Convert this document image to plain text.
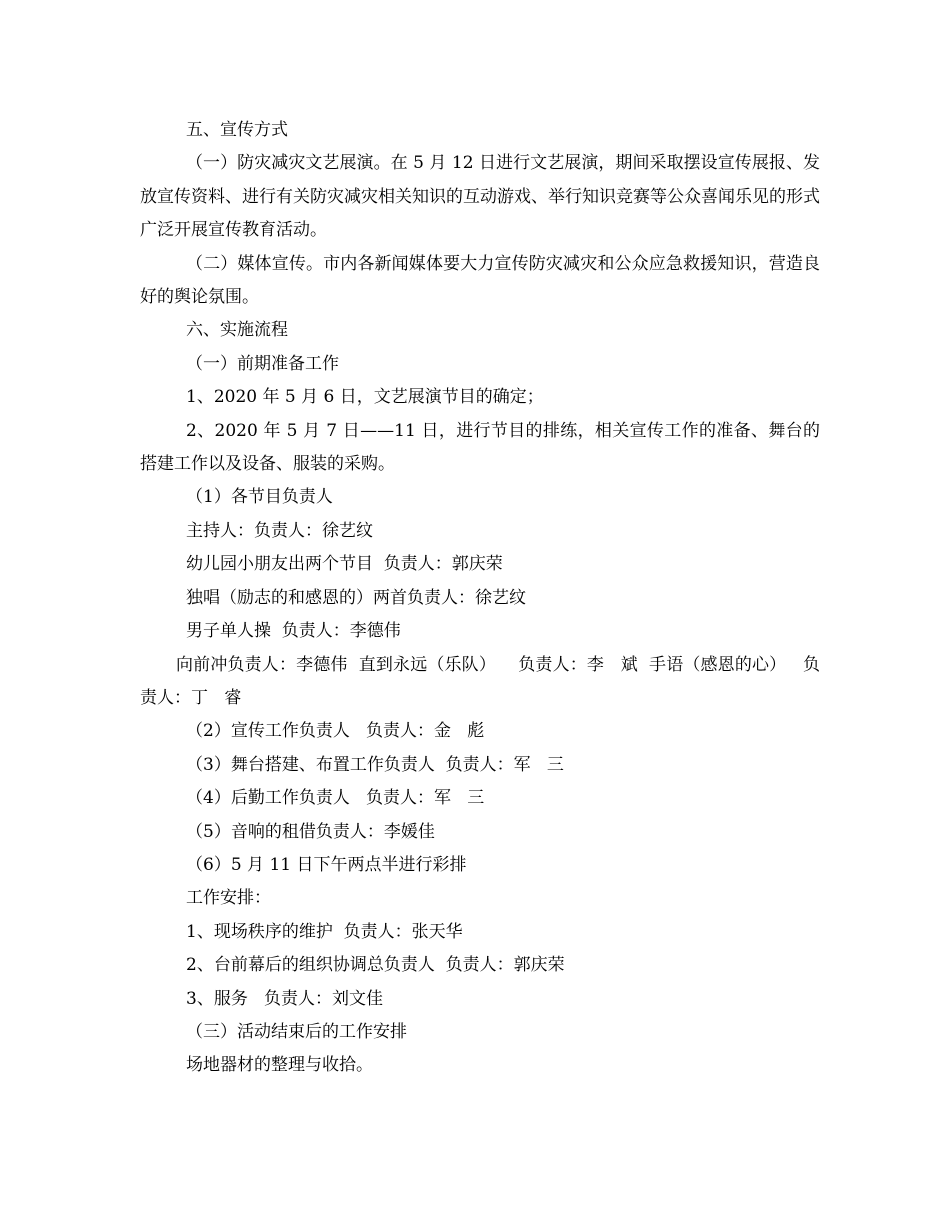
五、宣传方式

（一）防灾减灾文艺展演。在 5 月 12 日进行文艺展演，期间采取摆设宣传展报、发放宣传资料、进行有关防灾减灾相关知识的互动游戏、举行知识竞赛等公众喜闻乐见的形式广泛开展宣传教育活动。

（二）媒体宣传。市内各新闻媒体要大力宣传防灾减灾和公众应急救援知识，营造良好的舆论氛围。

六、实施流程

（一）前期准备工作

1、2020 年 5 月 6 日，文艺展演节目的确定；

2、2020 年 5 月 7 日——11 日，进行节目的排练，相关宣传工作的准备、舞台的搭建工作以及设备、服装的采购。

（1）各节目负责人

主持人：负责人：徐艺纹

幼儿园小朋友出两个节目  负责人：郭庆荣

独唱（励志的和感恩的）两首负责人：徐艺纹

男子单人操  负责人：李德伟

向前冲负责人：李德伟  直到永远（乐队）    负责人：李   斌  手语（感恩的心）   负责人：丁   睿

（2）宣传工作负责人   负责人：金   彪

（3）舞台搭建、布置工作负责人  负责人：军   三

（4）后勤工作负责人   负责人：军   三

（5）音响的租借负责人：李媛佳

（6）5 月 11 日下午两点半进行彩排

工作安排：

1、现场秩序的维护  负责人：张天华

2、台前幕后的组织协调总负责人  负责人：郭庆荣

3、服务   负责人：刘文佳

（三）活动结束后的工作安排

场地器材的整理与收拾。
